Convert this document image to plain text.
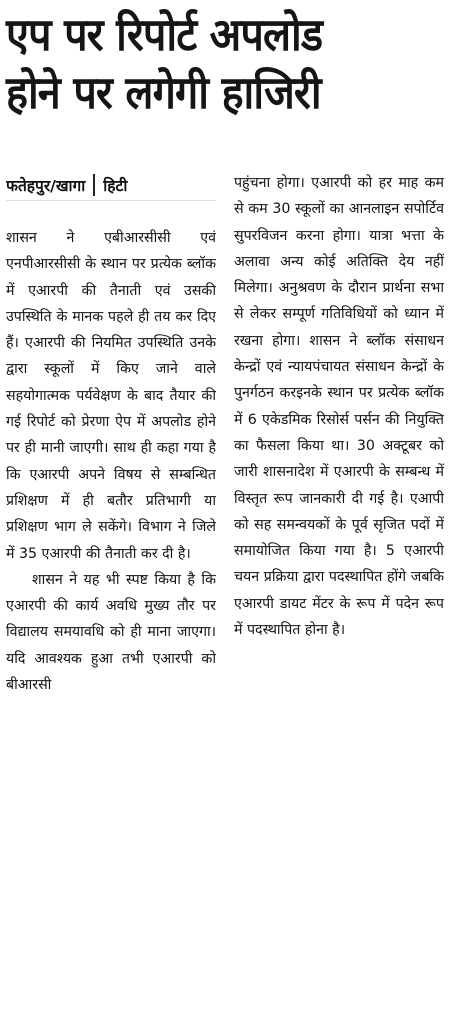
एप पर रिपोर्ट अपलोड
होने पर लगेगी हाजिरी
फतेहपुर/खागा हिटी

शासन ने एबीआरसीसी एवं एनपीआरसीसी के स्थान पर प्रत्येक ब्लॉक में एआरपी की तैनाती एवं उसकी उपस्थिति के मानक पहले ही तय कर दिए हैं। एआरपी की नियमित उपस्थिति उनके द्वारा स्कूलों में किए जाने वाले सहयोगात्मक पर्यवेक्षण के बाद तैयार की गई रिपोर्ट को प्रेरणा ऐप में अपलोड होने पर ही मानी जाएगी। साथ ही कहा गया है कि एआरपी अपने विषय से सम्बन्धित प्रशिक्षण में ही बतौर प्रतिभागी या प्रशिक्षण भाग ले सकेंगे। विभाग ने जिले में 35 एआरपी की तैनाती कर दी है।

शासन ने यह भी स्पष्ट किया है कि एआरपी की कार्य अवधि मुख्य तौर पर विद्यालय समयावधि को ही माना जाएगा। यदि आवश्यक हुआ तभी एआरपी को बीआरसी

पहुंचना होगा। एआरपी को हर माह कम से कम 30 स्कूलों का आनलाइन सपोर्टिव सुपरविजन करना होगा। यात्रा भत्ता के अलावा अन्य कोई अतिक्ति देय नहीं मिलेगा। अनुश्रवण के दौरान प्रार्थना सभा से लेकर सम्पूर्ण गतिविधियों को ध्यान में रखना होगा। शासन ने ब्लॉक संसाधन केन्द्रों एवं न्यायपंचायत संसाधन केन्द्रों के पुनर्गठन करइनके स्थान पर प्रत्येक ब्लॉक में 6 एकेडमिक रिसोर्स पर्सन की नियुक्ति का फैसला किया था। 30 अक्टूबर को जारी शासनादेश में एआरपी के सम्बन्ध में विस्तृत रूप जानकारी दी गई है। एआपी को सह समन्वयकों के पूर्व सृजित पदों में समायोजित किया गया है। 5 एआरपी चयन प्रक्रिया द्वारा पदस्थापित होंगे जबकि एआरपी डायट मेंटर के रूप में पदेन रूप में पदस्थापित होना है।
